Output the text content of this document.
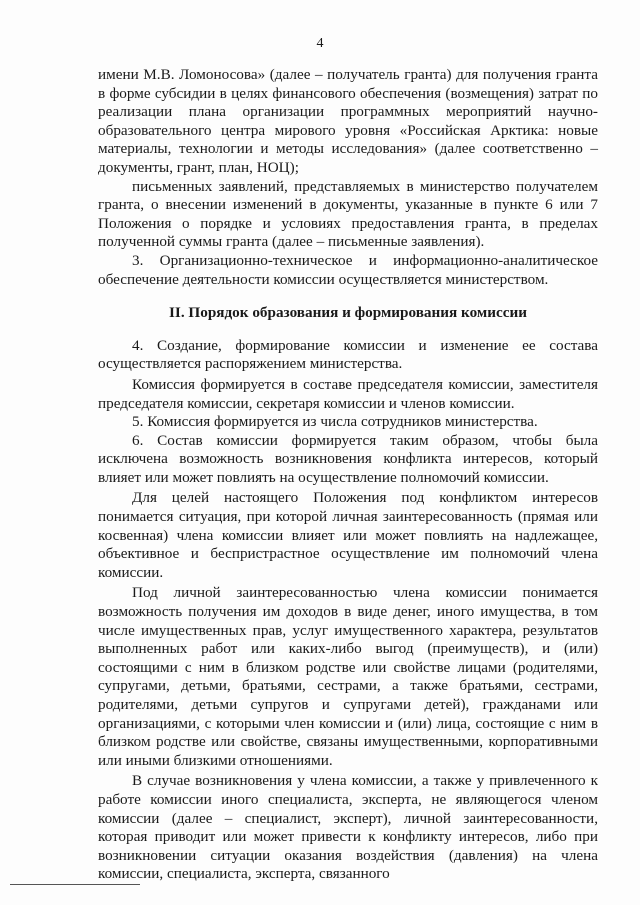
4

имени М.В. Ломоносова» (далее – получатель гранта) для получения гранта в форме субсидии в целях финансового обеспечения (возмещения) затрат по реализации плана организации программных мероприятий научно-образовательного центра мирового уровня «Российская Арктика: новые материалы, технологии и методы исследования» (далее соответственно – документы, грант, план, НОЦ);

письменных заявлений, представляемых в министерство получателем гранта, о внесении изменений в документы, указанные в пункте 6 или 7 Положения о порядке и условиях предоставления гранта, в пределах полученной суммы гранта (далее – письменные заявления).

3. Организационно-техническое и информационно-аналитическое обеспечение деятельности комиссии осуществляется министерством.

II. Порядок образования и формирования комиссии

4. Создание, формирование комиссии и изменение ее состава осуществляется распоряжением министерства.

Комиссия формируется в составе председателя комиссии, заместителя председателя комиссии, секретаря комиссии и членов комиссии.

5. Комиссия формируется из числа сотрудников министерства.

6. Состав комиссии формируется таким образом, чтобы была исключена возможность возникновения конфликта интересов, который влияет или может повлиять на осуществление полномочий комиссии.

Для целей настоящего Положения под конфликтом интересов понимается ситуация, при которой личная заинтересованность (прямая или косвенная) члена комиссии влияет или может повлиять на надлежащее, объективное и беспристрастное осуществление им полномочий члена комиссии.

Под личной заинтересованностью члена комиссии понимается возможность получения им доходов в виде денег, иного имущества, в том числе имущественных прав, услуг имущественного характера, результатов выполненных работ или каких-либо выгод (преимуществ), и (или) состоящими с ним в близком родстве или свойстве лицами (родителями, супругами, детьми, братьями, сестрами, а также братьями, сестрами, родителями, детьми супругов и супругами детей), гражданами или организациями, с которыми член комиссии и (или) лица, состоящие с ним в близком родстве или свойстве, связаны имущественными, корпоративными или иными близкими отношениями.

В случае возникновения у члена комиссии, а также у привлеченного к работе комиссии иного специалиста, эксперта, не являющегося членом комиссии (далее – специалист, эксперт), личной заинтересованности, которая приводит или может привести к конфликту интересов, либо при возникновении ситуации оказания воздействия (давления) на члена комиссии, специалиста, эксперта, связанного
